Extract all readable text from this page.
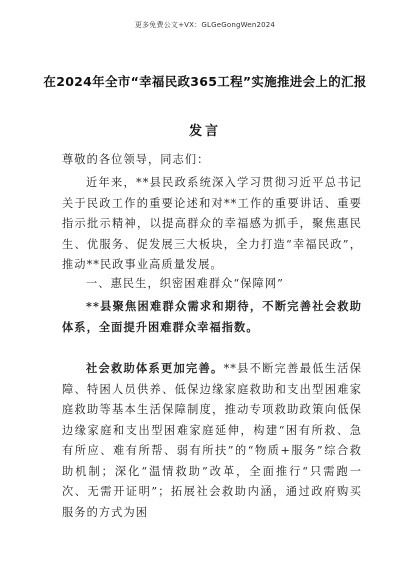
更多免费公文+VX：GLGeGongWen2024
在2024年全市“幸福民政365工程”实施推进会上的汇报
发言
尊敬的各位领导，同志们：
近年来，**县民政系统深入学习贯彻习近平总书记关于民政工作的重要论述和对**工作的重要讲话、重要指示批示精神，以提高群众的幸福感为抓手，聚焦惠民生、优服务、促发展三大板块，全力打造“幸福民政”，推动**民政事业高质量发展。
一、惠民生，织密困难群众“保障网”
**县聚焦困难群众需求和期待，不断完善社会救助体系，全面提升困难群众幸福指数。
社会救助体系更加完善。**县不断完善最低生活保障、特困人员供养、低保边缘家庭救助和支出型困难家庭救助等基本生活保障制度，推动专项救助政策向低保边缘家庭和支出型困难家庭延伸，构建“困有所救、急有所应、难有所帮、弱有所扶”的“物质+服务”综合救助机制；深化“温情救助”改革，全面推行“只需跑一次、无需开证明”；拓展社会救助内涵，通过政府购买服务的方式为困
